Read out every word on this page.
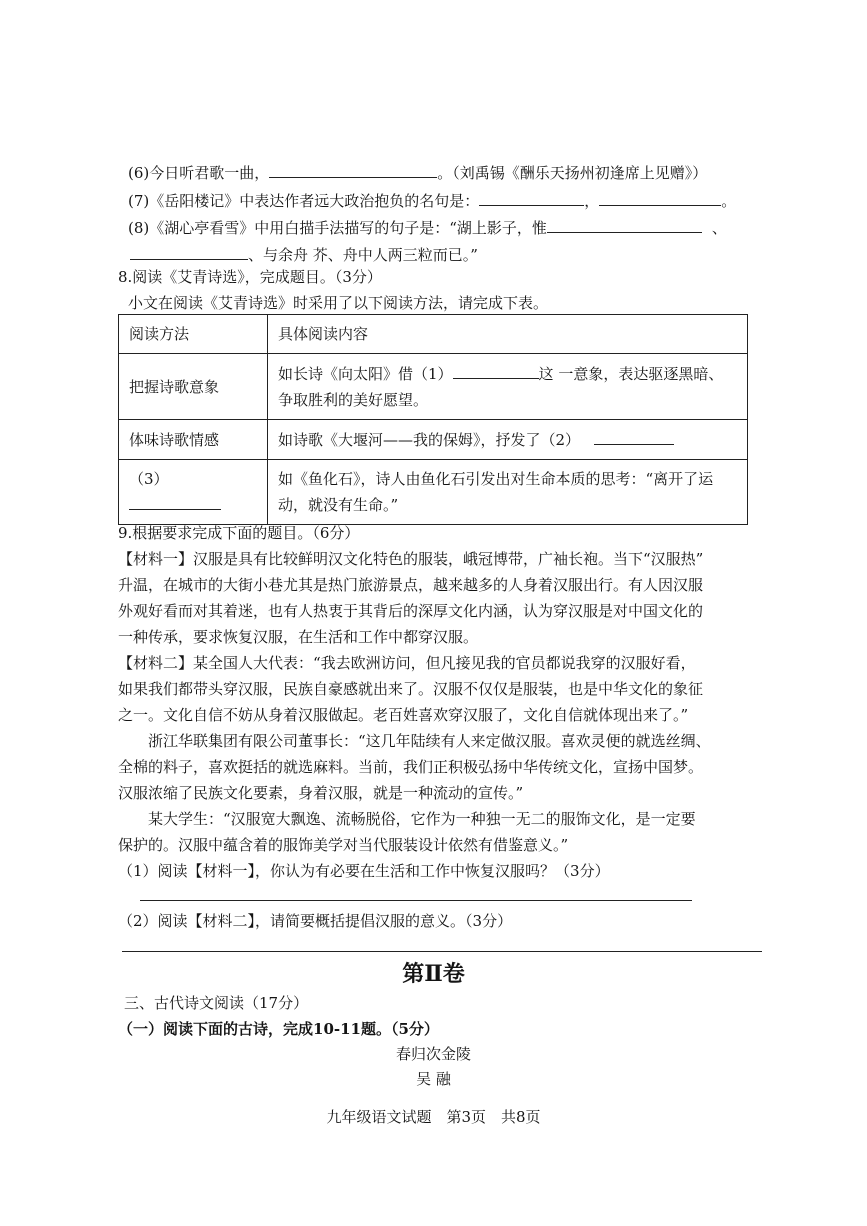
(6)今日听君歌一曲，	。（刘禹锡《酬乐天扬州初逢席上见赠》）
(7)《岳阳楼记》中表达作者远大政治抱负的名句是：	，	。
(8)《湖心亭看雪》中用白描手法描写的句子是：“湖上影子，惟	、
、与余舟 芥、舟中人两三粒而已。”
8.阅读《艾青诗选》，完成题目。（3分）
小文在阅读《艾青诗选》时采用了以下阅读方法，请完成下表。
阅读方法	具体阅读内容
把握诗歌意象	如长诗《向太阳》借（1） 这 一意象，表达驱逐黑暗、
争取胜利的美好愿望。
体味诗歌情感	如诗歌《大堰河——我的保姆》，抒发了（2）
（3）	如《鱼化石》，诗人由鱼化石引发出对生命本质的思考：“离开了运
动，就没有生命。”
9.根据要求完成下面的题目。（6分）
【材料一】汉服是具有比较鲜明汉文化特色的服装，峨冠博带，广袖长袍。当下“汉服热”
升温，在城市的大街小巷尤其是热门旅游景点，越来越多的人身着汉服出行。有人因汉服
外观好看而对其着迷，也有人热衷于其背后的深厚文化内涵，认为穿汉服是对中国文化的
一种传承，要求恢复汉服，在生活和工作中都穿汉服。
【材料二】某全国人大代表：“我去欧洲访问，但凡接见我的官员都说我穿的汉服好看，
如果我们都带头穿汉服，民族自豪感就出来了。汉服不仅仅是服装，也是中华文化的象征
之一。文化自信不妨从身着汉服做起。老百姓喜欢穿汉服了，文化自信就体现出来了。”
浙江华联集团有限公司董事长：“这几年陆续有人来定做汉服。喜欢灵便的就选丝绸、
全棉的料子，喜欢挺括的就选麻料。当前，我们正积极弘扬中华传统文化，宣扬中国梦。
汉服浓缩了民族文化要素，身着汉服，就是一种流动的宣传。”
某大学生：“汉服宽大飘逸、流畅脱俗，它作为一种独一无二的服饰文化，是一定要
保护的。汉服中蕴含着的服饰美学对当代服装设计依然有借鉴意义。”
（1）阅读【材料一】，你认为有必要在生活和工作中恢复汉服吗？（3分）
（2）阅读【材料二】，请简要概括提倡汉服的意义。（3分）
第Ⅱ卷
三、古代诗文阅读（17分）
（一）阅读下面的古诗，完成10-11题。（5分）
春归次金陵
吴 融
九年级语文试题　第3页　共8页
